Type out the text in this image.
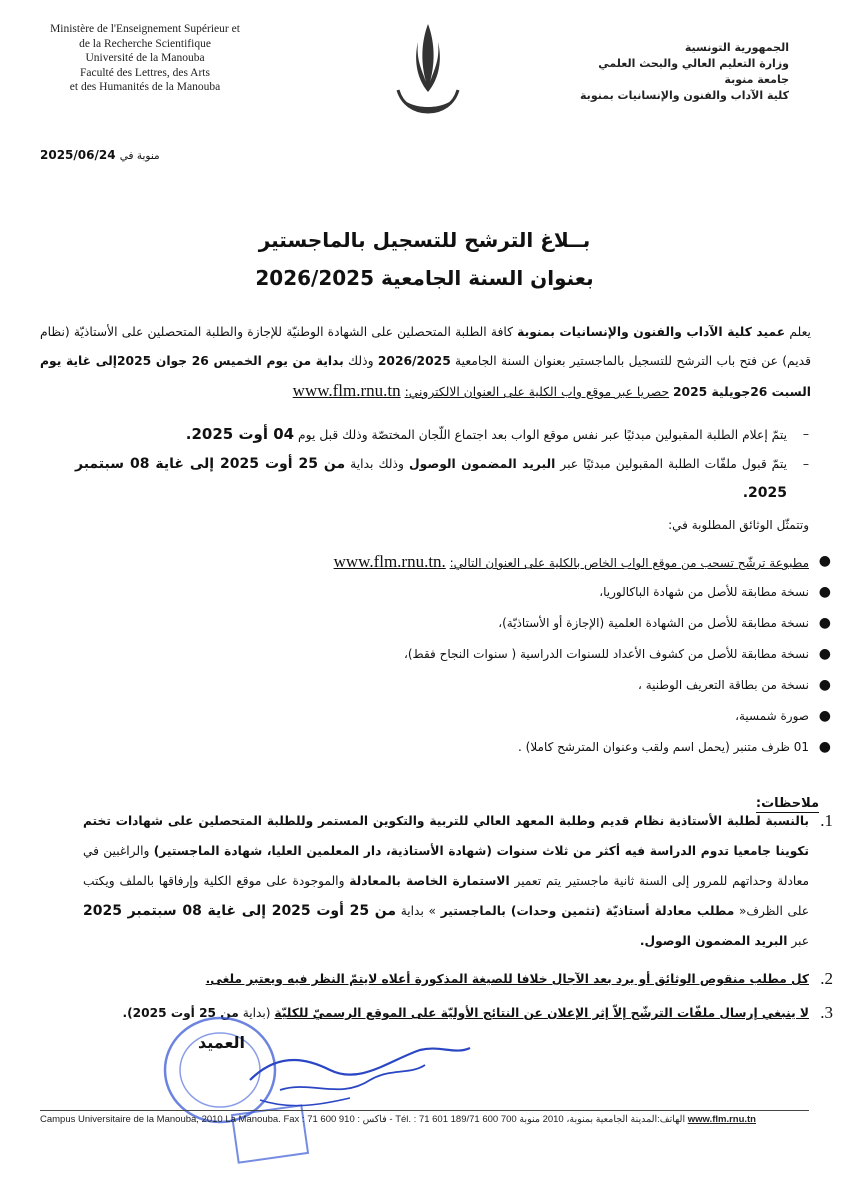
Ministère de l'Enseignement Supérieur et
de la Recherche Scientifique
Université de la Manouba
Faculté des Lettres, des Arts
et des Humanités de la Manouba
الجمهورية التونسية
وزارة التعليم العالي والبحث العلمي
جامعة منوبة
كلية الآداب والفنون والإنسانيات بمنوبة
منوبة في 2025/06/24
بــلاغ الترشح للتسجيل بالماجستير
بعنوان السنة الجامعية 2026/2025
يعلم عميد كلية الآداب والفنون والإنسانيات بمنوبة كافة الطلبة المتحصلين على الشهادة الوطنيّة للإجازة والطلبة المتحصلين على الأستاذيّة (نظام قديم) عن فتح باب الترشح للتسجيل بالماجستير بعنوان السنة الجامعية 2026/2025 وذلك بداية من يوم الخميس 26 جوان 2025إلى غاية يوم السبت 26جويلية 2025 حصريا عبر موقع واب الكلية على العنوان الالكتروني: www.flm.rnu.tn
–
يتمّ إعلام الطلبة المقبولين مبدئيًا عبر نفس موقع الواب بعد اجتماع اللّجان المختصّة وذلك قبل يوم 04 أوت 2025.
–
يتمّ قبول ملفّات الطلبة المقبولين مبدئيًا عبر البريد المضمون الوصول وذلك بداية من 25 أوت 2025 إلى غاية 08 سبتمبر 2025.
وتتمثّل الوثائق المطلوبة في:
●
مطبوعة ترشّح تسحب من موقع الواب الخاص بالكلية على العنوان التالي: www.flm.rnu.tn.
●
نسخة مطابقة للأصل من شهادة الباكالوريا،
●
نسخة مطابقة للأصل من الشهادة العلمية (الإجازة أو الأستاذيّة)،
●
نسخة مطابقة للأصل من كشوف الأعداد للسنوات الدراسية ( سنوات النجاح فقط)،
●
نسخة من بطاقة التعريف الوطنية ،
●
صورة شمسية،
●
01 ظرف متنبر (يحمل اسم ولقب وعنوان المترشح كاملا) .
ملاحظات:
1.
بالنسبة لطلبة الأستاذية نظام قديم وطلبة المعهد العالي للتربية والتكوين المستمر وللطلبة المتحصلين على شهادات تختم تكوينا جامعيا تدوم الدراسة فيه أكثر من ثلاث سنوات (شهادة الأستاذية، دار المعلمين العليا، شهادة الماجستير) والراغبين في معادلة وحداتهم للمرور إلى السنة ثانية ماجستير يتم تعمير الاستمارة الخاصة بالمعادلة والموجودة على موقع الكلية وإرفاقها بالملف ويكتب على الظرف« مطلب معادلة أستاذيّة (تثمين وحدات) بالماجستير » بداية من 25 أوت 2025 إلى غاية 08 سبتمبر 2025 عبر البريد المضمون الوصول.
2.
كل مطلب منقوص الوثائق أو يرد بعد الآجال خلافا للصيغة المذكورة أعلاه لايتمّ النظر فيه ويعتبر ملغى.
3.
لا ينبغي إرسال ملفّات الترشّح إلاّ إثر الإعلان عن النتائج الأوليّة على الموقع الرسميّ للكليّة (بداية من 25 أوت 2025).
العميد
Campus Universitaire de la Manouba, 2010 La Manouba. Fax : 71 600 910 : فاكس - Tél. : 71 601 189/71 600 700 الهاتف:المدينة الجامعية بمنوبة، 2010 منوبة www.flm.rnu.tn
